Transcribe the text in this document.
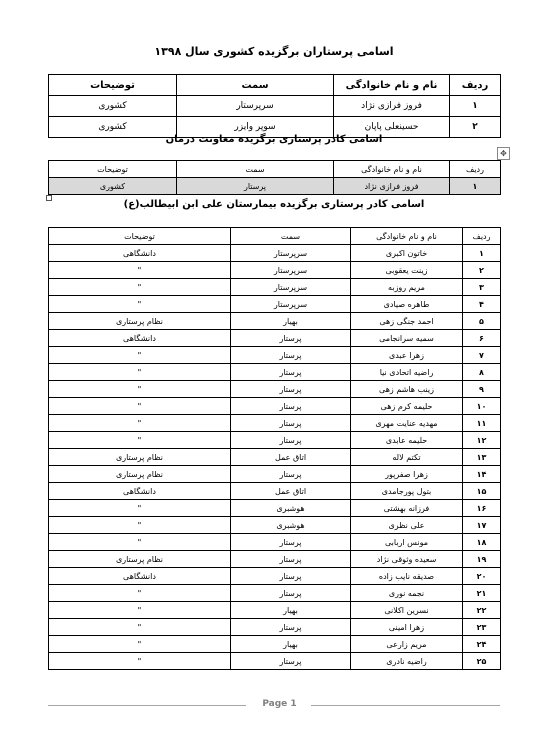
اسامی پرستاران برگزیده کشوری سال ۱۳۹۸
ردیف	نام و نام خانوادگی	سمت	توضیحات
۱	فروز فرازی نژاد	سرپرستار	کشوری
۲	حسینعلی پاپان	سوپر وایزر	کشوری
✥
اسامی کادر پرستاری برگزیده معاونت درمان
ردیف	نام و نام خانوادگی	سمت	توضیحات
۱	فروز فرازی نژاد	پرستار	کشوری
اسامی کادر پرستاری برگزیده بیمارستان علی ابن ابیطالب(ع)
ردیف	نام و نام خانوادگی	سمت	توضیحات
۱	خاتون اکبری	سرپرستار	دانشگاهی
۲	زینت یعقوبی	سرپرستار	"
۳	مریم روزبه	سرپرستار	"
۴	طاهره صیادی	سرپرستار	"
۵	احمد جنگی زهی	بهیار	نظام پرستاری
۶	سمیه سرانجامی	پرستار	دانشگاهی
۷	زهرا عبدی	پرستار	"
۸	راضیه اتحادی نیا	پرستار	"
۹	زینب هاشم زهی	پرستار	"
۱۰	حلیمه کرم زهی	پرستار	"
۱۱	مهدیه عنایت مهری	پرستار	"
۱۲	حلیمه عابدی	پرستار	"
۱۳	تکتم لاله	اتاق عمل	نظام پرستاری
۱۴	زهرا صفرپور	پرستار	نظام پرستاری
۱۵	بتول پورجامدی	اتاق عمل	دانشگاهی
۱۶	فرزانه بهشتی	هوشبری	"
۱۷	علی نظری	هوشبری	"
۱۸	مونس اربابی	پرستار	"
۱۹	سعیده وثوقی نژاد	پرستار	نظام پرستاری
۲۰	صدیقه نایب زاده	پرستار	دانشگاهی
۲۱	نجمه نوری	پرستار	"
۲۲	نسرین اکلانی	بهیار	"
۲۳	زهرا امینی	پرستار	"
۲۴	مریم زارعی	بهیار	"
۲۵	راضیه نادری	پرستار	"
Page 1
